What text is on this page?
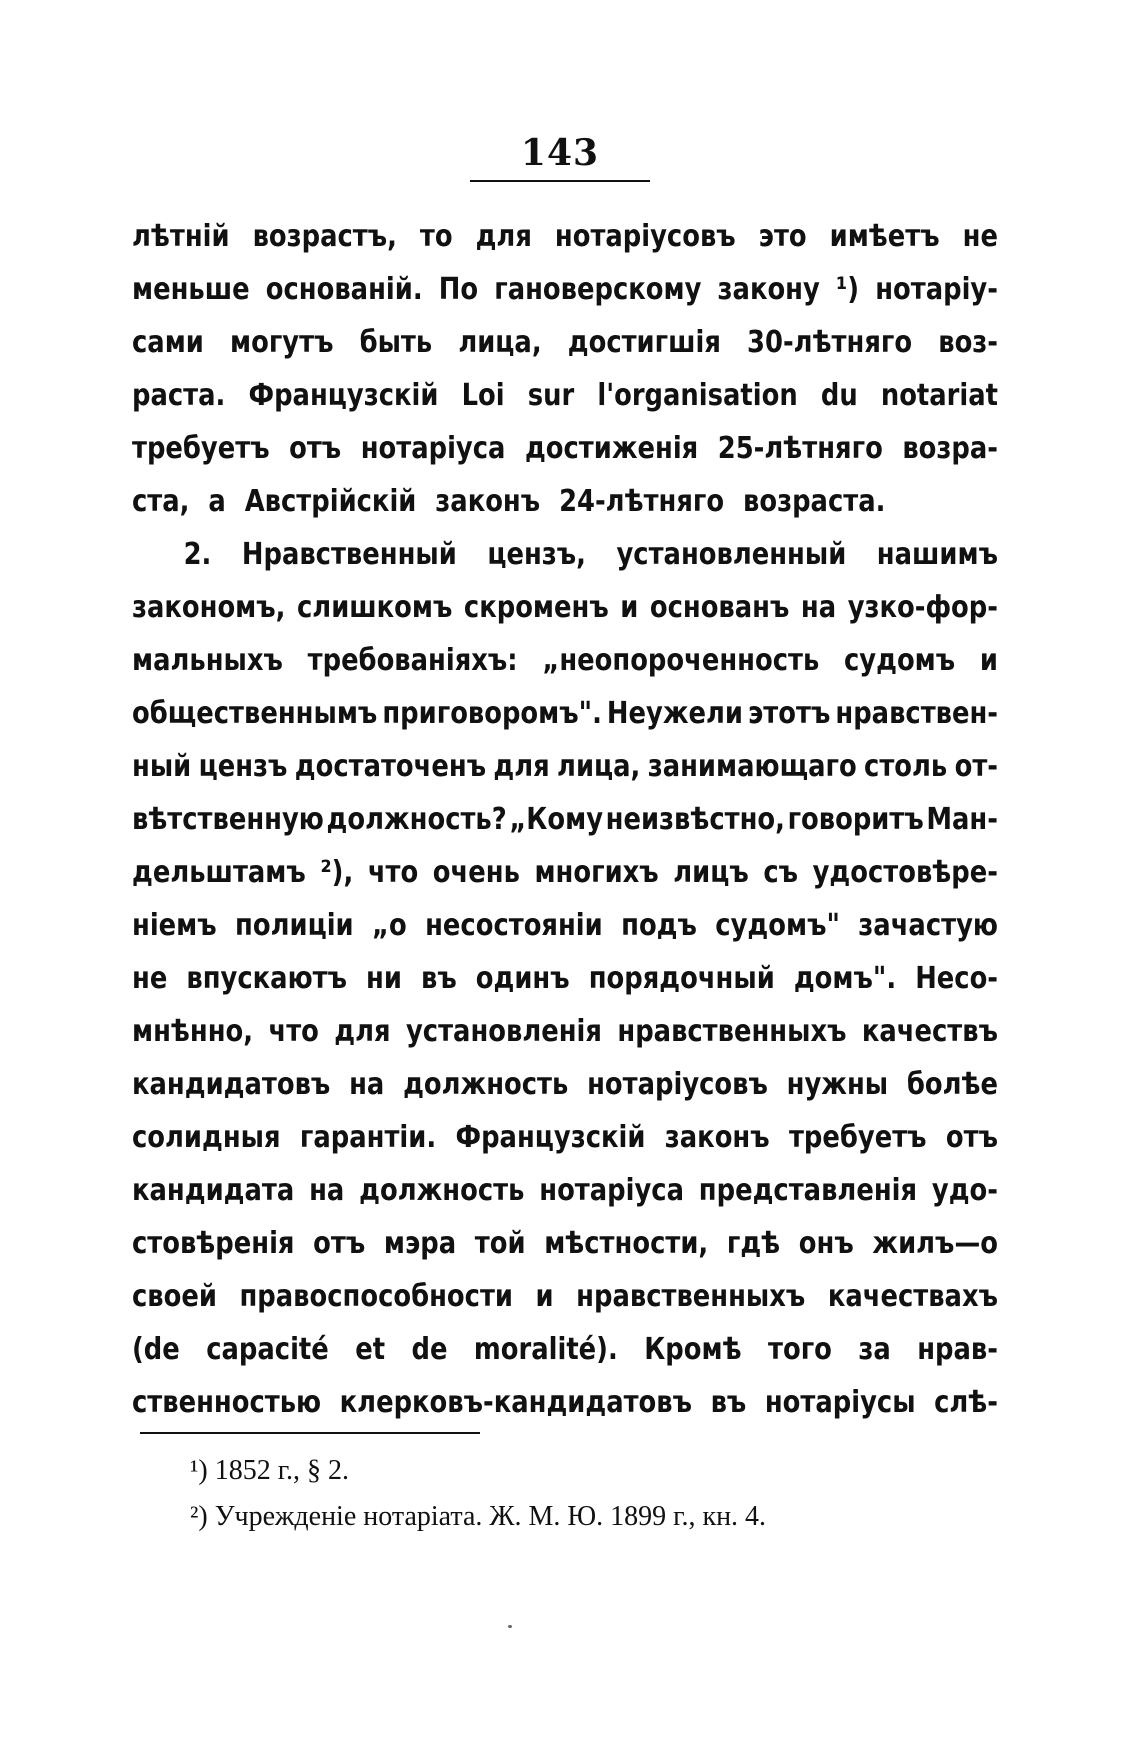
143
лѣтній возрастъ, то для нотаріусовъ это имѣетъ не
меньше основаній. По гановерскому закону ¹) нотаріу-
сами могутъ быть лица, достигшія 30-лѣтняго воз-
раста. Французскій Loi sur l'organisation du notariat
требуетъ отъ нотаріуса достиженія 25-лѣтняго возра-
ста, а Австрійскій законъ 24-лѣтняго возраста.
2. Нравственный цензъ, установленный нашимъ
закономъ, слишкомъ скроменъ и основанъ на узко-фор-
мальныхъ требованіяхъ: „неопороченность судомъ и
общественнымъ приговоромъ". Неужели этотъ нравствен-
ный цензъ достаточенъ для лица, занимающаго столь от-
вѣтственную должность? „Кому неизвѣстно, говоритъ Ман-
дельштамъ ²), что очень многихъ лицъ съ удостовѣре-
ніемъ полиціи „о несостояніи подъ судомъ" зачастую
не впускаютъ ни въ одинъ порядочный домъ". Несо-
мнѣнно, что для установленія нравственныхъ качествъ
кандидатовъ на должность нотаріусовъ нужны болѣе
солидныя гарантіи. Французскій законъ требуетъ отъ
кандидата на должность нотаріуса представленія удо-
стовѣренія отъ мэра той мѣстности, гдѣ онъ жилъ—о
своей правоспособности и нравственныхъ качествахъ
(de capacité et de moralité). Кромѣ того за нрав-
ственностью клерковъ-кандидатовъ въ нотаріусы слѣ-
¹) 1852 г., § 2.
²) Учрежденіе нотаріата. Ж. М. Ю. 1899 г., кн. 4.
